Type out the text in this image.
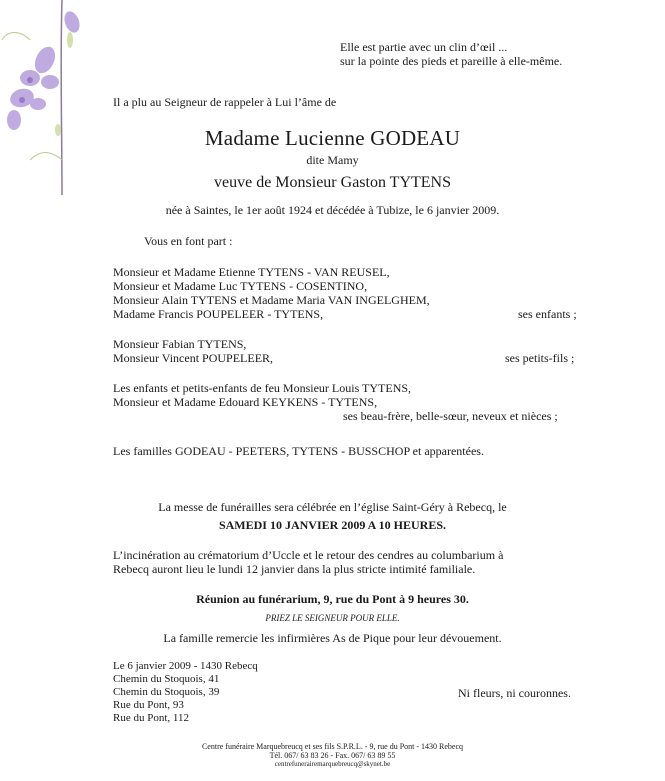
Elle est partie avec un clin d’œil ...
sur la pointe des pieds et pareille à elle-même.
Il a plu au Seigneur de rappeler à Lui l’âme de
Madame Lucienne GODEAU
dite Mamy
veuve de Monsieur Gaston TYTENS
née à Saintes, le 1er août 1924 et décédée à Tubize, le 6 janvier 2009.
Vous en font part :
Monsieur et Madame Etienne TYTENS - VAN REUSEL,
Monsieur et Madame Luc TYTENS - COSENTINO,
Monsieur Alain TYTENS et Madame Maria VAN INGELGHEM,
Madame Francis POUPELEER - TYTENS,	ses enfants ;
Monsieur Fabian TYTENS,
Monsieur Vincent POUPELEER,	ses petits-fils ;
Les enfants et petits-enfants de feu Monsieur Louis TYTENS,
Monsieur et Madame Edouard KEYKENS - TYTENS,
ses beau-frère, belle-sœur, neveux et nièces ;
Les familles GODEAU - PEETERS, TYTENS - BUSSCHOP et apparentées.
La messe de funérailles sera célébrée en l’église Saint-Géry à Rebecq, le
SAMEDI 10 JANVIER 2009 A 10 HEURES.
L’incinération au crématorium d’Uccle et le retour des cendres au columbarium à
Rebecq auront lieu le lundi 12 janvier dans la plus stricte intimité familiale.
Réunion au funérarium, 9, rue du Pont à 9 heures 30.
PRIEZ LE SEIGNEUR POUR ELLE.
La famille remercie les infirmières As de Pique pour leur dévouement.
Le 6 janvier 2009 - 1430 Rebecq
Chemin du Stoquois, 41
Chemin du Stoquois, 39
Rue du Pont, 93
Rue du Pont, 112
Ni fleurs, ni couronnes.
Centre funéraire Marquebreucq et ses fils S.P.R.L. - 9, rue du Pont - 1430 Rebecq
Tél. 067/ 63 83 26 - Fax. 067/ 63 89 55
centrefunerairemarquebreucq@skynet.be
